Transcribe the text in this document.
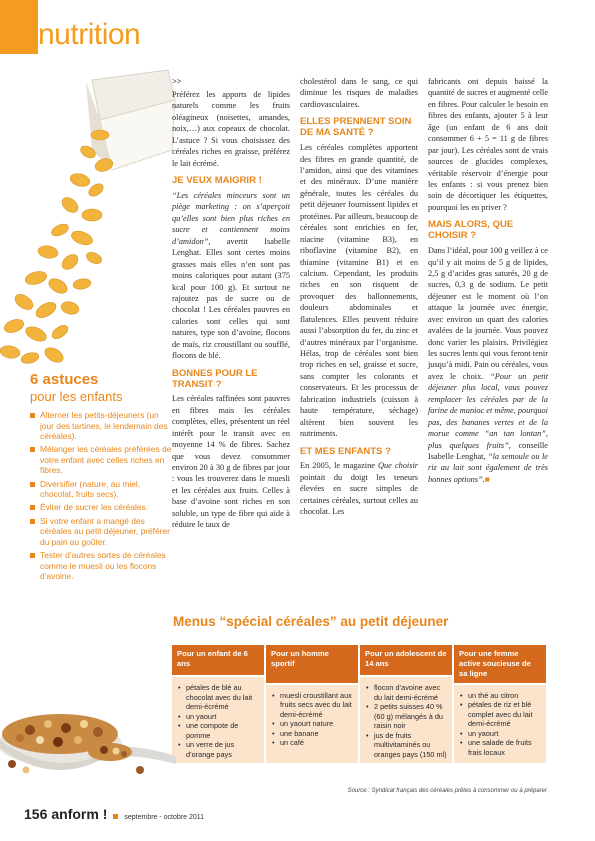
nutrition
>>

Préférez les apports de lipides naturels comme les fruits oléagineux (noisettes, amandes, noix,…) aux copeaux de chocolat. L’astuce ? Si vous choisissez des céréales riches en graisse, préférez le lait écrémé.

JE VEUX MAIGRIR !

“Les céréales minceurs sont un piège marketing : on s’aperçoit qu’elles sont bien plus riches en sucre et contiennent moins d’amidon”, avertit Isabelle Lenghat. Elles sont certes moins grasses mais elles n’en sont pas moins caloriques pour autant (375 kcal pour 100 g). Et surtout ne rajoutez pas de sucre ou de chocolat ! Les céréales pauvres en calories sont celles qui sont natures, type son d’avoine, flocons de maïs, riz croustillant ou soufflé, flocons de blé.

BONNES POUR LE TRANSIT ?

Les céréales raffinées sont pauvres en fibres mais les céréales complètes, elles, présentent un réel intérêt pour le transit avec en moyenne 14 % de fibres. Sachez que vous devez consommer environ 20 à 30 g de fibres par jour : vous les trouverez dans le muesli et les céréales aux fruits. Celles à base d’avoine sont riches en son soluble, un type de fibre qui aide à réduire le taux de

cholestérol dans le sang, ce qui diminue les risques de maladies cardiovasculaires.

ELLES PRENNENT SOIN DE MA SANTÉ ?

Les céréales complètes apportent des fibres en grande quantité, de l’amidon, ainsi que des vitamines et des minéraux. D’une manière générale, toutes les céréales du petit déjeuner fournissent lipides et protéines. Par ailleurs, beaucoup de céréales sont enrichies en fer, niacine (vitamine B3), en riboflavine (vitamine B2), en thiamine (vitamine B1) et en calcium. Cependant, les produits riches en son risquent de provoquer des ballonnements, douleurs abdominales et flatulences. Elles peuvent réduire aussi l’absorption du fer, du zinc et d’autres minéraux par l’organisme. Hélas, trop de céréales sont bien trop riches en sel, graisse et sucre, sans compter les colorants et conservateurs. Et les processus de fabrication industriels (cuisson à haute température, séchage) altèrent bien souvent les nutriments.

ET MES ENFANTS ?

En 2005, le magazine Que choisir pointait du doigt les teneurs élevées en sucre simples de certaines céréales, surtout celles au chocolat. Les

fabricants ont depuis baissé la quantité de sucres et augmenté celle en fibres. Pour calculer le besoin en fibres des enfants, ajouter 5 à leur âge (un enfant de 6 ans doit consommer 6 + 5 = 11 g de fibres par jour). Les céréales sont de vrais sources de glucides complexes, véritable réservoir d’énergie pour les enfants : si vous prenez bien soin de décortiquer les étiquettes, pourquoi les en priver ?

MAIS ALORS, QUE CHOISIR ?

Dans l’idéal, pour 100 g veillez à ce qu’il y ait moins de 5 g de lipides, 2,5 g d’acides gras saturés, 20 g de sucres, 0,3 g de sodium. Le petit déjeuner est le moment où l’on attaque la journée avec énergie, avec environ un quart des calories avalées de la journée. Vous pouvez donc varier les plaisirs. Privilégiez les sucres lents qui vous feront tenir jusqu’à midi. Pain ou céréales, vous avez le choix. “Pour un petit déjeuner plus local, vous pouvez remplacer les céréales par de la farine de manioc et même, pourquoi pas, des bananes vertes et de la morue comme “an tan lontan”, plus quelques fruits”, conseille Isabelle Lenghat, “la semoule ou le riz au lait sont également de très bonnes options”.■

6 astuces
pour les enfants
Alterner les petits-déjeuners (un jour des tartines, le lendemain des céréales).
Mélanger les céréales préférées de votre enfant avec celles riches en fibres.
Diversifier (nature, au miel, chocolat, fruits secs).
Éviter de sucrer les céréales.
Si votre enfant a mangé des céréales au petit déjeuner, préférer du pain au goûter.
Tester d’autres sortes de céréales comme le muesli ou les flocons d’avoine.
Menus “spécial céréales” au petit déjeuner
Pour un enfant de 6 ans
• pétales de blé au chocolat avec du lait demi-écrémé
• un yaourt
• une compote de pomme
• un verre de jus d’orange pays
Pour un homme sportif
• muesli croustillant aux fruits secs avec du lait demi-écrémé
• un yaourt nature
• une banane
• un café
Pour un adolescent de 14 ans
• flocon d’avoine avec du lait demi-écrémé
• 2 petits suisses 40 % (60 g) mélangés à du raisin noir
• jus de fruits multivitaminés ou oranges pays (150 ml)
Pour une femme active soucieuse de sa ligne
• un thé au citron
• pétales de riz et blé complet avec du lait demi-écrémé
• un yaourt
• une salade de fruits frais locaux
Source : Syndicat français des céréales prêtes à consommer ou à préparer
156 anform ! septembre - octobre 2011
